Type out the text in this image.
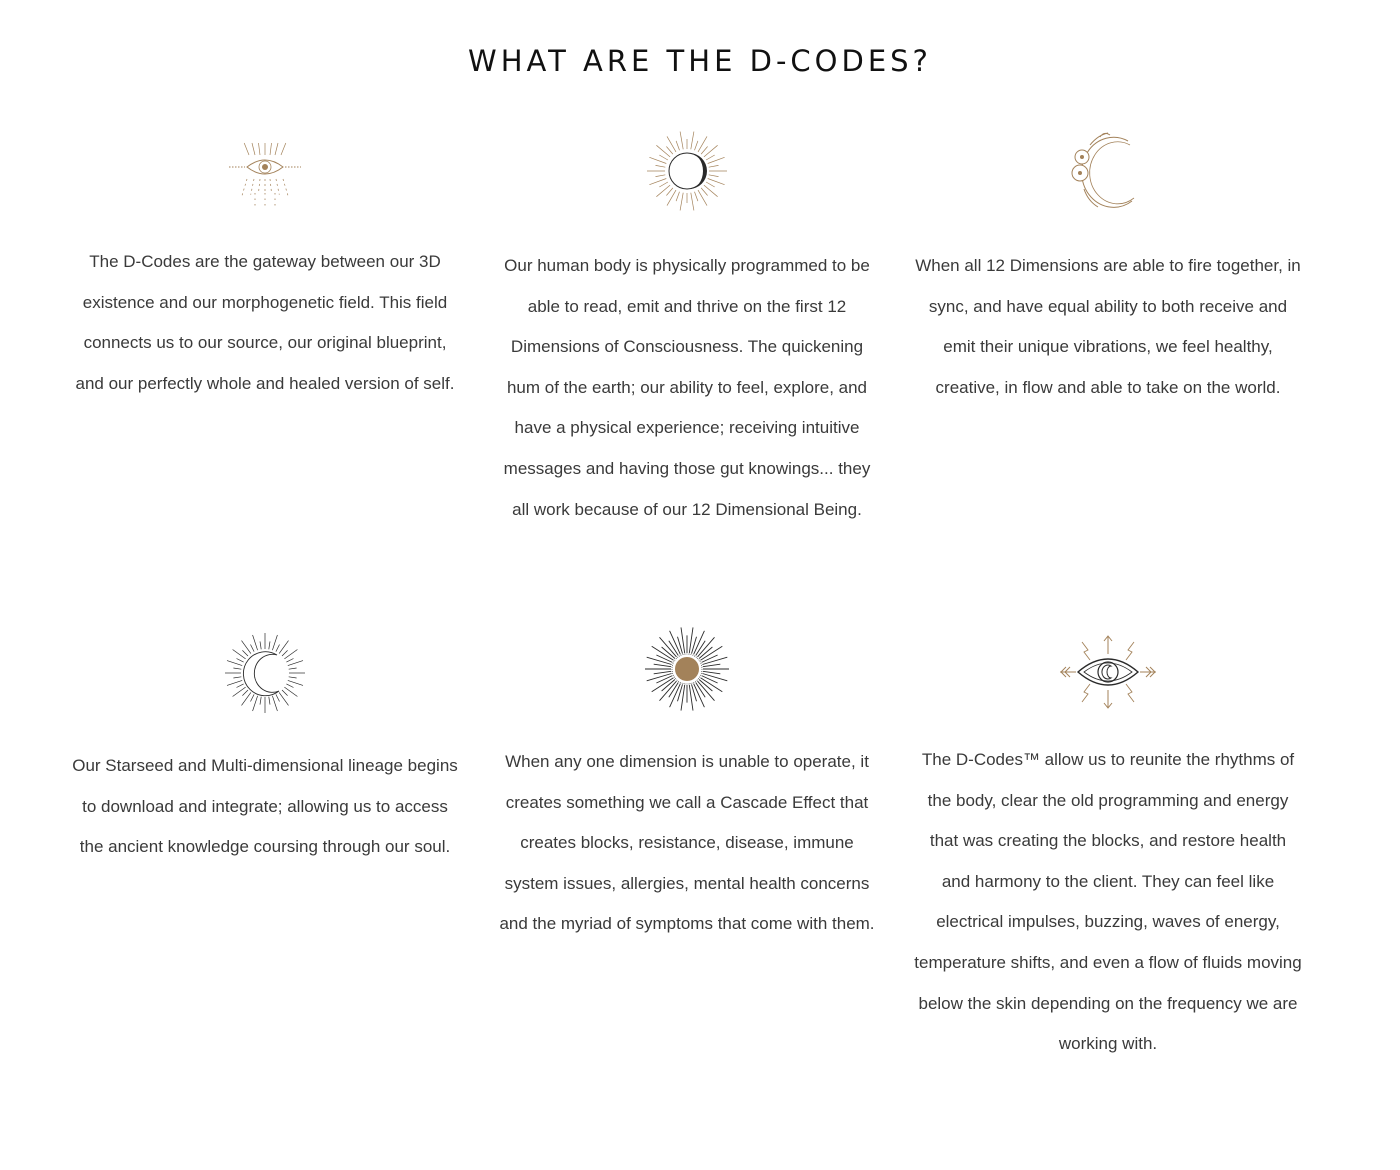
WHAT ARE THE D-CODES?

The D-Codes are the gateway between our 3D existence and our morphogenetic field. This field connects us to our source, our original blueprint, and our perfectly whole and healed version of self.

Our human body is physically programmed to be able to read, emit and thrive on the first 12 Dimensions of Consciousness. The quickening hum of the earth; our ability to feel, explore, and have a physical experience; receiving intuitive messages and having those gut knowings... they all work because of our 12 Dimensional Being.

When all 12 Dimensions are able to fire together, in sync, and have equal ability to both receive and emit their unique vibrations, we feel healthy, creative, in flow and able to take on the world.

Our Starseed and Multi-dimensional lineage begins to download and integrate; allowing us to access the ancient knowledge coursing through our soul.

When any one dimension is unable to operate, it creates something we call a Cascade Effect that creates blocks, resistance, disease, immune system issues, allergies, mental health concerns and the myriad of symptoms that come with them.

The D-Codes™ allow us to reunite the rhythms of the body, clear the old programming and energy that was creating the blocks, and restore health and harmony to the client. They can feel like electrical impulses, buzzing, waves of energy, temperature shifts, and even a flow of fluids moving below the skin depending on the frequency we are working with.
